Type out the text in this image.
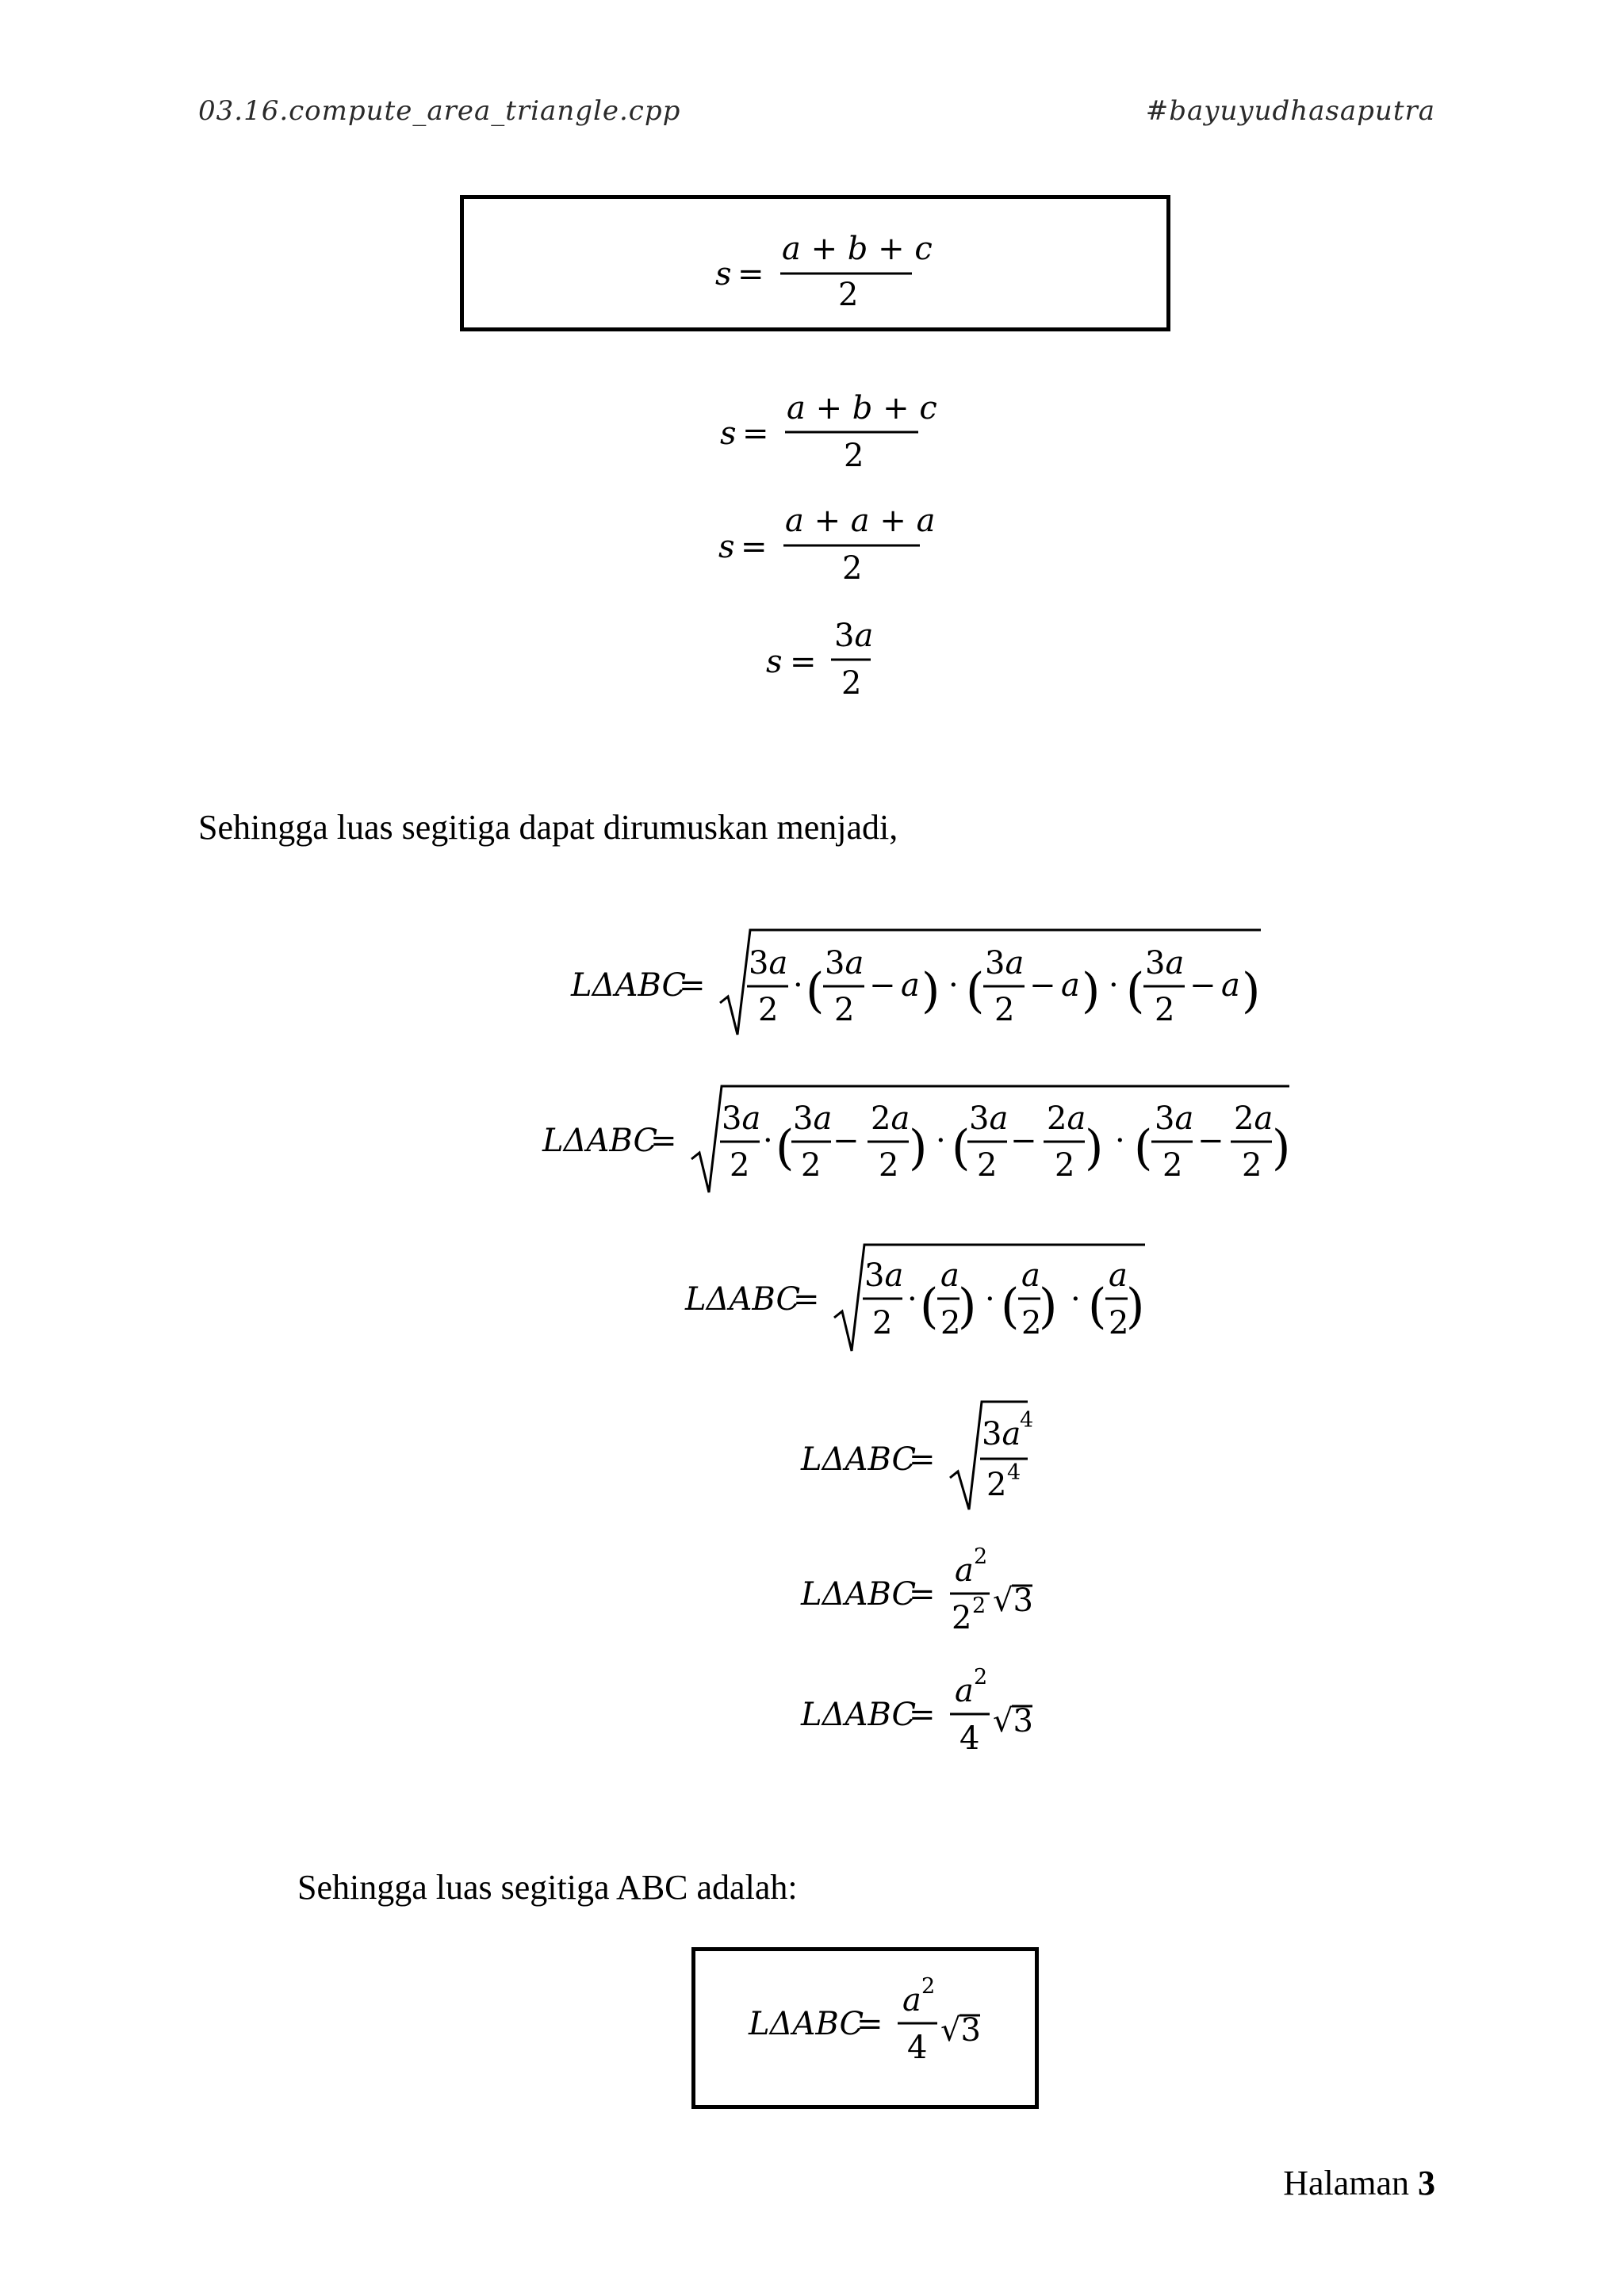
03.16.compute_area_triangle.cpp	#bayuyudhasaputra
Sehingga luas segitiga dapat dirumuskan menjadi,
Sehingga luas segitiga ABC adalah:
Halaman 3
s =
a + b + c
2
s =
a + b + c
2
s =
a + a + a
2
s =
3a
2
LΔABC
=
3a
2
· ( 3a
2
− a ) · ( 3a
2
− a ) · ( 3a
2
− a )
LΔABC
=
3a
2
· (
3a
2
−
2a
2 ) · (
3a
2
−
2a
2 ) · (
3a
2
−
2a
2 )
LΔABC
=
3a
2
· (
a
2
) · (
a
2
) · (
a
2
)
LΔABC
=
3a
4
2 4
LΔABC
=
a 2
2 2 √3
LΔABC
=
a 2
4 √3
LΔABC
=
a 2
4 √3
